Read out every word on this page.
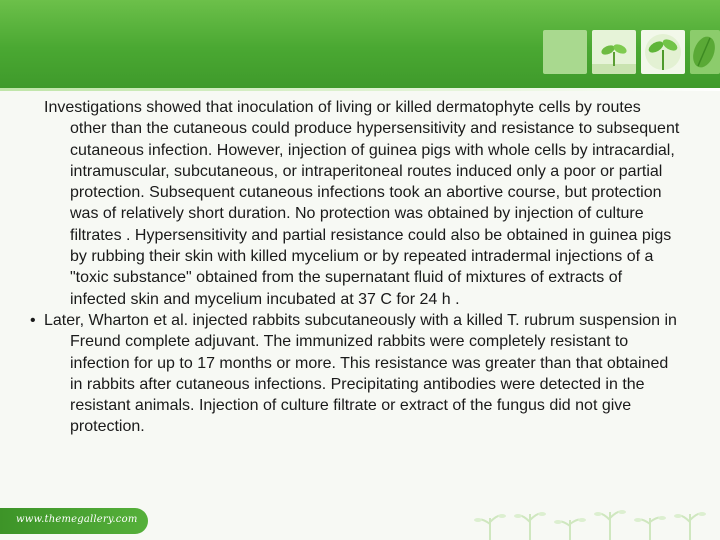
Investigations showed that inoculation of living or killed dermatophyte cells by routes other than the cutaneous could produce hypersensitivity and resistance to subsequent cutaneous infection. However, injection of guinea pigs with whole cells by intracardial, intramuscular, subcutaneous, or intraperitoneal routes induced only a poor or partial protection. Subsequent cutaneous infections took an abortive course, but protection was of relatively short duration. No protection was obtained by injection of culture filtrates . Hypersensitivity and partial resistance could also be obtained in guinea pigs by rubbing their skin with killed mycelium or by repeated intradermal injections of a "toxic substance" obtained from the supernatant fluid of mixtures of extracts of infected skin and mycelium incubated at 37 C for 24 h .

• Later, Wharton et al. injected rabbits subcutaneously with a killed T. rubrum suspension in Freund complete adjuvant. The immunized rabbits were completely resistant to infection for up to 17 months or more. This resistance was greater than that obtained in rabbits after cutaneous infections. Precipitating antibodies were detected in the resistant animals. Injection of culture filtrate or extract of the fungus did not give protection.

www.themegallery.com
